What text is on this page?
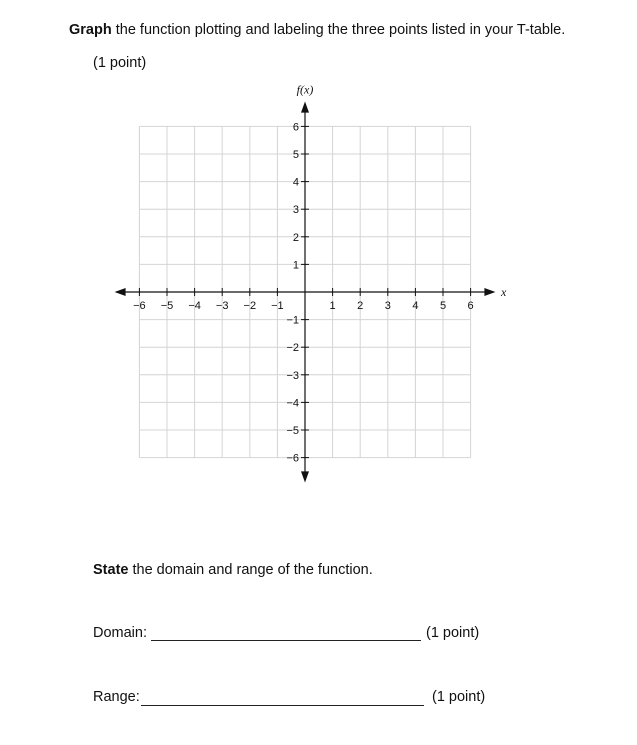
Graph the function plotting and labeling the three points listed in your T-table.
(1 point)
−6 −5 −4 −3 −2 −1	1 2 3 4 5 6
6
5
4
3
2
1
−1
−2
−3
−4
−5
−6
f(x)
x
State the domain and range of the function.
Domain:	(1 point)
Range:	(1 point)
